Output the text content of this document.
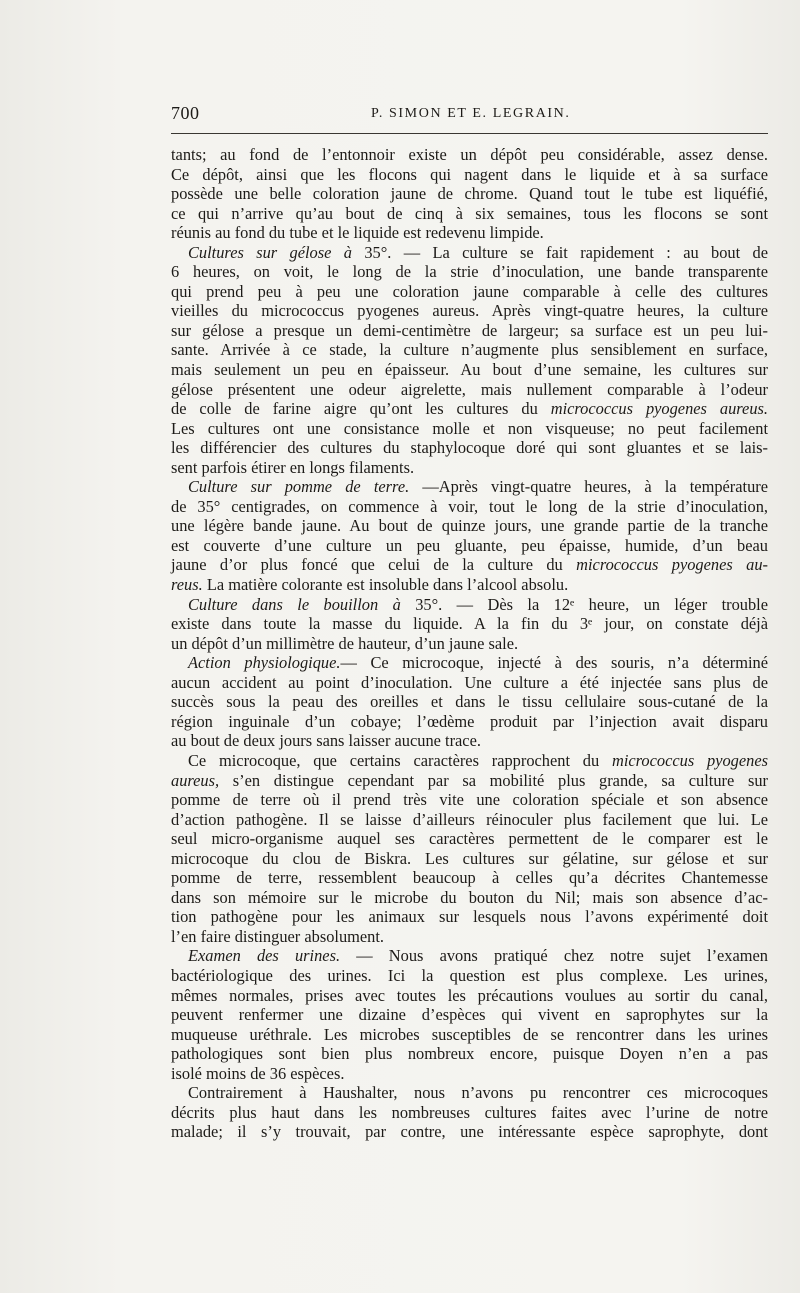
700	P. SIMON ET E. LEGRAIN.
tants; au fond de l’entonnoir existe un dépôt peu considérable, assez dense.
Ce dépôt, ainsi que les flocons qui nagent dans le liquide et à sa surface
possède une belle coloration jaune de chrome. Quand tout le tube est liquéfié,
ce qui n’arrive qu’au bout de cinq à six semaines, tous les flocons se sont
réunis au fond du tube et le liquide est redevenu limpide.
Cultures sur gélose à 35°. — La culture se fait rapidement : au bout de
6 heures, on voit, le long de la strie d’inoculation, une bande transparente
qui prend peu à peu une coloration jaune comparable à celle des cultures
vieilles du micrococcus pyogenes aureus. Après vingt-quatre heures, la culture
sur gélose a presque un demi-centimètre de largeur; sa surface est un peu lui-
sante. Arrivée à ce stade, la culture n’augmente plus sensiblement en surface,
mais seulement un peu en épaisseur. Au bout d’une semaine, les cultures sur
gélose présentent une odeur aigrelette, mais nullement comparable à l’odeur
de colle de farine aigre qu’ont les cultures du micrococcus pyogenes aureus.
Les cultures ont une consistance molle et non visqueuse; no peut facilement
les différencier des cultures du staphylocoque doré qui sont gluantes et se lais-
sent parfois étirer en longs filaments.
Culture sur pomme de terre. —Après vingt-quatre heures, à la température
de 35° centigrades, on commence à voir, tout le long de la strie d’inoculation,
une légère bande jaune. Au bout de quinze jours, une grande partie de la tranche
est couverte d’une culture un peu gluante, peu épaisse, humide, d’un beau
jaune d’or plus foncé que celui de la culture du micrococcus pyogenes au-
reus. La matière colorante est insoluble dans l’alcool absolu.
Culture dans le bouillon à 35°. — Dès la 12ᵉ heure, un léger trouble
existe dans toute la masse du liquide. A la fin du 3ᵉ jour, on constate déjà
un dépôt d’un millimètre de hauteur, d’un jaune sale.
Action physiologique.— Ce microcoque, injecté à des souris, n’a déterminé
aucun accident au point d’inoculation. Une culture a été injectée sans plus de
succès sous la peau des oreilles et dans le tissu cellulaire sous-cutané de la
région inguinale d’un cobaye; l’œdème produit par l’injection avait disparu
au bout de deux jours sans laisser aucune trace.
Ce microcoque, que certains caractères rapprochent du micrococcus pyogenes
aureus, s’en distingue cependant par sa mobilité plus grande, sa culture sur
pomme de terre où il prend très vite une coloration spéciale et son absence
d’action pathogène. Il se laisse d’ailleurs réinoculer plus facilement que lui. Le
seul micro-organisme auquel ses caractères permettent de le comparer est le
microcoque du clou de Biskra. Les cultures sur gélatine, sur gélose et sur
pomme de terre, ressemblent beaucoup à celles qu’a décrites Chantemesse
dans son mémoire sur le microbe du bouton du Nil; mais son absence d’ac-
tion pathogène pour les animaux sur lesquels nous l’avons expérimenté doit
l’en faire distinguer absolument.
Examen des urines. — Nous avons pratiqué chez notre sujet l’examen
bactériologique des urines. Ici la question est plus complexe. Les urines,
mêmes normales, prises avec toutes les précautions voulues au sortir du canal,
peuvent renfermer une dizaine d’espèces qui vivent en saprophytes sur la
muqueuse uréthrale. Les microbes susceptibles de se rencontrer dans les urines
pathologiques sont bien plus nombreux encore, puisque Doyen n’en a pas
isolé moins de 36 espèces.
Contrairement à Haushalter, nous n’avons pu rencontrer ces microcoques
décrits plus haut dans les nombreuses cultures faites avec l’urine de notre
malade; il s’y trouvait, par contre, une intéressante espèce saprophyte, dont
